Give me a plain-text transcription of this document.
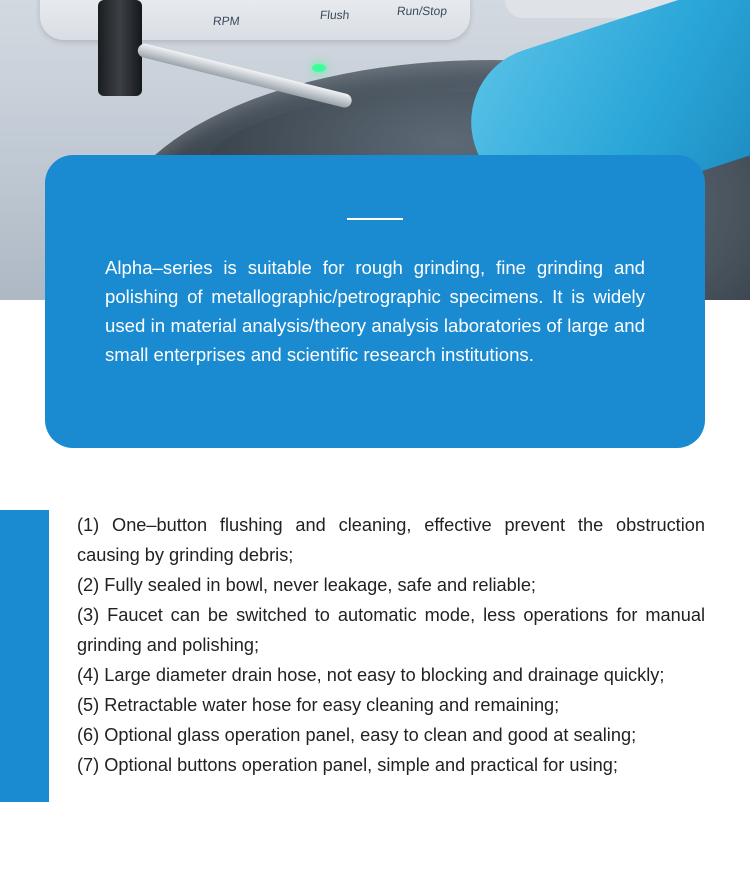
RPM	Flush	Run/Stop

Alpha–series is suitable for rough grinding, fine grinding and polishing of metallographic/petrographic specimens. It is widely used in material analysis/theory analysis laboratories of large and small enterprises and scientific research institutions.

(1) One–button flushing and cleaning, effective prevent the obstruction causing by grinding debris;
(2) Fully sealed in bowl, never leakage, safe and reliable;
(3) Faucet can be switched to automatic mode, less operations for manual grinding and polishing;
(4) Large diameter drain hose, not easy to blocking and drainage quickly;
(5) Retractable water hose for easy cleaning and remaining;
(6) Optional glass operation panel, easy to clean and good at sealing;
(7) Optional buttons operation panel, simple and practical for using;
